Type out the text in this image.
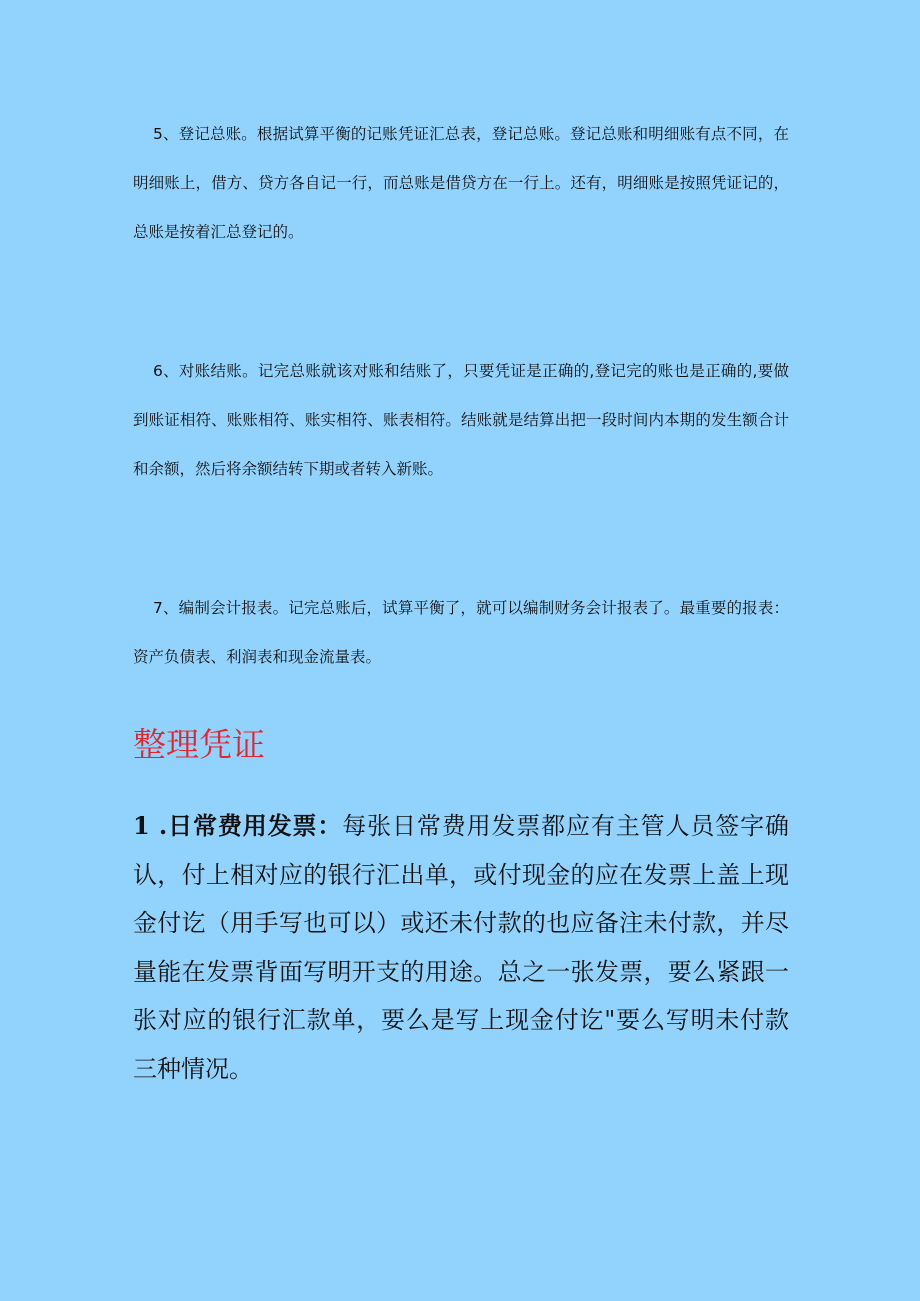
5、登记总账。根据试算平衡的记账凭证汇总表，登记总账。登记总账和明细账有点不同，在明细账上，借方、贷方各自记一行，而总账是借贷方在一行上。还有，明细账是按照凭证记的，总账是按着汇总登记的。

6、对账结账。记完总账就该对账和结账了，只要凭证是正确的,登记完的账也是正确的,要做到账证相符、账账相符、账实相符、账表相符。结账就是结算出把一段时间内本期的发生额合计和余额，然后将余额结转下期或者转入新账。

7、编制会计报表。记完总账后，试算平衡了，就可以编制财务会计报表了。最重要的报表：资产负债表、利润表和现金流量表。

整理凭证

1 .日常费用发票：每张日常费用发票都应有主管人员签字确认，付上相对应的银行汇出单，或付现金的应在发票上盖上现金付讫（用手写也可以）或还未付款的也应备注未付款，并尽量能在发票背面写明开支的用途。总之一张发票，要么紧跟一张对应的银行汇款单，要么是写上现金付讫"要么写明未付款三种情况。
